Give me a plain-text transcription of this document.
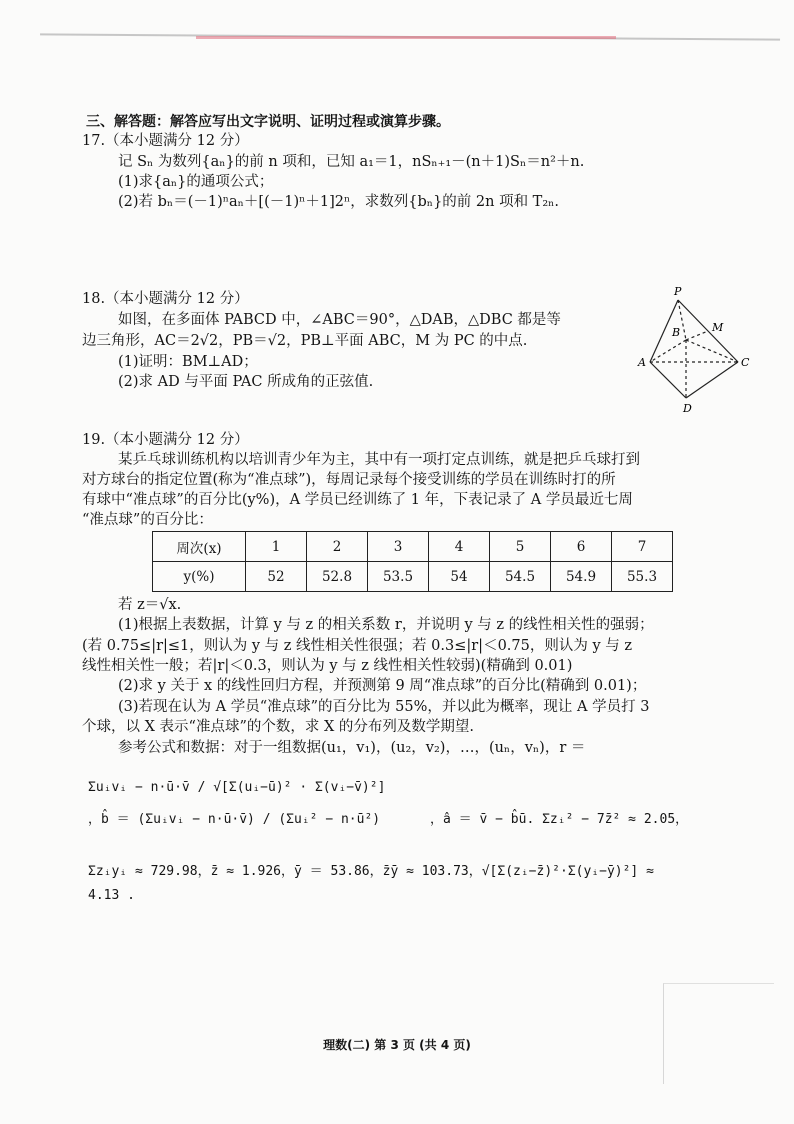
三、解答题：解答应写出文字说明、证明过程或演算步骤。
17.（本小题满分 12 分）
记 Sₙ 为数列{aₙ}的前 n 项和，已知 a₁＝1，nSₙ₊₁－(n＋1)Sₙ＝n²＋n.
(1)求{aₙ}的通项公式；
(2)若 bₙ＝(－1)ⁿaₙ＋[(－1)ⁿ＋1]2ⁿ，求数列{bₙ}的前 2n 项和 T₂ₙ.
18.（本小题满分 12 分）
如图，在多面体 PABCD 中，∠ABC＝90°，△DAB，△DBC 都是等
边三角形，AC＝2√2，PB＝√2，PB⊥平面 ABC，M 为 PC 的中点.
(1)证明：BM⊥AD；
(2)求 AD 与平面 PAC 所成角的正弦值.
P
B	M
A	C
D
19.（本小题满分 12 分）
某乒乓球训练机构以培训青少年为主，其中有一项打定点训练，就是把乒乓球打到
对方球台的指定位置(称为“准点球”)，每周记录每个接受训练的学员在训练时打的所
有球中“准点球”的百分比(y%)，A 学员已经训练了 1 年，下表记录了 A 学员最近七周
“准点球”的百分比：
周次(x)	1	2	3	4	5	6	7
y(%)	52	52.8	53.5	54	54.5	54.9	55.3
若 z＝√x.
(1)根据上表数据，计算 y 与 z 的相关系数 r，并说明 y 与 z 的线性相关性的强弱；
(若 0.75≤|r|≤1，则认为 y 与 z 线性相关性很强；若 0.3≤|r|＜0.75，则认为 y 与 z
线性相关性一般；若|r|＜0.3，则认为 y 与 z 线性相关性较弱)(精确到 0.01)
(2)求 y 关于 x 的线性回归方程，并预测第 9 周“准点球”的百分比(精确到 0.01)；
(3)若现在认为 A 学员“准点球”的百分比为 55%，并以此为概率，现让 A 学员打 3
个球，以 X 表示“准点球”的个数，求 X 的分布列及数学期望.
参考公式和数据：对于一组数据(u₁，v₁)，(u₂，v₂)，…，(uₙ，vₙ)，r ＝
Σuᵢvᵢ − n·ū·v̄ / √[Σ(uᵢ−ū)² · Σ(vᵢ−v̄)²]
，b̂ ＝ (Σuᵢvᵢ − n·ū·v̄) / (Σuᵢ² − n·ū²)	，â ＝ v̄ − b̂ū. Σzᵢ² − 7z̄² ≈ 2.05，
Σzᵢyᵢ ≈ 729.98，z̄ ≈ 1.926，ȳ ＝ 53.86，z̄ȳ ≈ 103.73，√[Σ(zᵢ−z̄)²·Σ(yᵢ−ȳ)²] ≈
4.13 .
理数(二) 第 3 页 (共 4 页)
